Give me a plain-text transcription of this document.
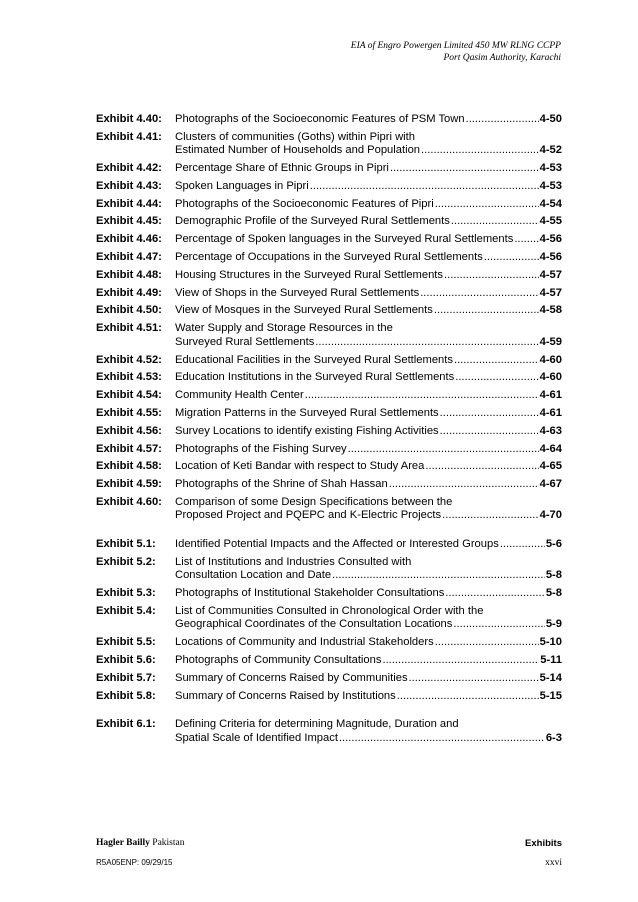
EIA of Engro Powergen Limited 450 MW RLNG CCPP
Port Qasim Authority, Karachi
Exhibit 4.40:	Photographs of the Socioeconomic Features of PSM Town .....	4-50
Exhibit 4.41:	Clusters of communities (Goths) within Pipri with
Estimated Number of Households and Population .....	4-52
Exhibit 4.42:	Percentage Share of Ethnic Groups in Pipri .....	4-53
Exhibit 4.43:	Spoken Languages in Pipri .....	4-53
Exhibit 4.44:	Photographs of the Socioeconomic Features of Pipri .....	4-54
Exhibit 4.45:	Demographic Profile of the Surveyed Rural Settlements .....	4-55
Exhibit 4.46:	Percentage of Spoken languages in the Surveyed Rural Settlements ..... 4-56
Exhibit 4.47:	Percentage of Occupations in the Surveyed Rural Settlements .....	4-56
Exhibit 4.48:	Housing Structures in the Surveyed Rural Settlements .....	4-57
Exhibit 4.49:	View of Shops in the Surveyed Rural Settlements .....	4-57
Exhibit 4.50:	View of Mosques in the Surveyed Rural Settlements .....	4-58
Exhibit 4.51:	Water Supply and Storage Resources in the
Surveyed Rural Settlements .....	4-59
Exhibit 4.52:	Educational Facilities in the Surveyed Rural Settlements .....	4-60
Exhibit 4.53:	Education Institutions in the Surveyed Rural Settlements .....	4-60
Exhibit 4.54:	Community Health Center .....	4-61
Exhibit 4.55:	Migration Patterns in the Surveyed Rural Settlements .....	4-61
Exhibit 4.56:	Survey Locations to identify existing Fishing Activities .....	4-63
Exhibit 4.57:	Photographs of the Fishing Survey .....	4-64
Exhibit 4.58:	Location of Keti Bandar with respect to Study Area .....	4-65
Exhibit 4.59:	Photographs of the Shrine of Shah Hassan .....	4-67
Exhibit 4.60:	Comparison of some Design Specifications between the
Proposed Project and PQEPC and K-Electric Projects .....	4-70
Exhibit 5.1:	Identified Potential Impacts and the Affected or Interested Groups .....	5-6
Exhibit 5.2:	List of Institutions and Industries Consulted with
Consultation Location and Date .....	5-8
Exhibit 5.3:	Photographs of Institutional Stakeholder Consultations .....	5-8
Exhibit 5.4:	List of Communities Consulted in Chronological Order with the
Geographical Coordinates of the Consultation Locations .....	5-9
Exhibit 5.5:	Locations of Community and Industrial Stakeholders .....	5-10
Exhibit 5.6:	Photographs of Community Consultations .....	5-11
Exhibit 5.7:	Summary of Concerns Raised by Communities .....	5-14
Exhibit 5.8:	Summary of Concerns Raised by Institutions .....	5-15
Exhibit 6.1:	Defining Criteria for determining Magnitude, Duration and
Spatial Scale of Identified Impact .....	6-3
Hagler Bailly Pakistan	Exhibits
R5A05ENP: 09/29/15	xxvi
